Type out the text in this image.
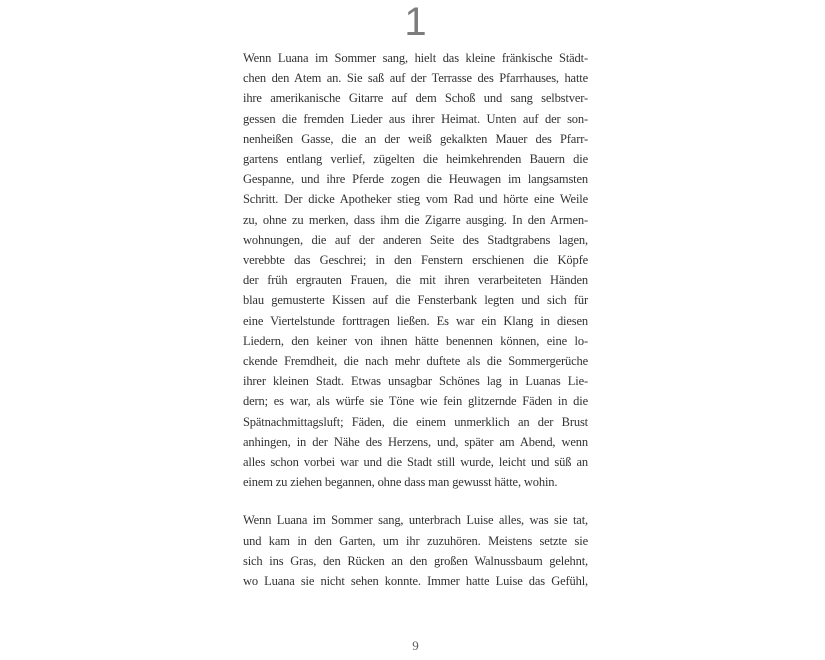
1
Wenn Luana im Sommer sang, hielt das kleine fränkische Städt-
chen den Atem an. Sie saß auf der Terrasse des Pfarrhauses, hatte
ihre amerikanische Gitarre auf dem Schoß und sang selbstver-
gessen die fremden Lieder aus ihrer Heimat. Unten auf der son-
nenheißen Gasse, die an der weiß gekalkten Mauer des Pfarr-
gartens entlang verlief, zügelten die heimkehrenden Bauern die
Gespanne, und ihre Pferde zogen die Heuwagen im langsamsten
Schritt. Der dicke Apotheker stieg vom Rad und hörte eine Weile
zu, ohne zu merken, dass ihm die Zigarre ausging. In den Armen-
wohnungen, die auf der anderen Seite des Stadtgrabens lagen,
verebbte das Geschrei; in den Fenstern erschienen die Köpfe
der früh ergrauten Frauen, die mit ihren verarbeiteten Händen
blau gemusterte Kissen auf die Fensterbank legten und sich für
eine Viertelstunde forttragen ließen. Es war ein Klang in diesen
Liedern, den keiner von ihnen hätte benennen können, eine lo-
ckende Fremdheit, die nach mehr duftete als die Sommergerüche
ihrer kleinen Stadt. Etwas unsagbar Schönes lag in Luanas Lie-
dern; es war, als würfe sie Töne wie fein glitzernde Fäden in die
Spätnachmittagsluft; Fäden, die einem unmerklich an der Brust
anhingen, in der Nähe des Herzens, und, später am Abend, wenn
alles schon vorbei war und die Stadt still wurde, leicht und süß an
einem zu ziehen begannen, ohne dass man gewusst hätte, wohin.
Wenn Luana im Sommer sang, unterbrach Luise alles, was sie tat,
und kam in den Garten, um ihr zuzuhören. Meistens setzte sie
sich ins Gras, den Rücken an den großen Walnussbaum gelehnt,
wo Luana sie nicht sehen konnte. Immer hatte Luise das Gefühl,
9
